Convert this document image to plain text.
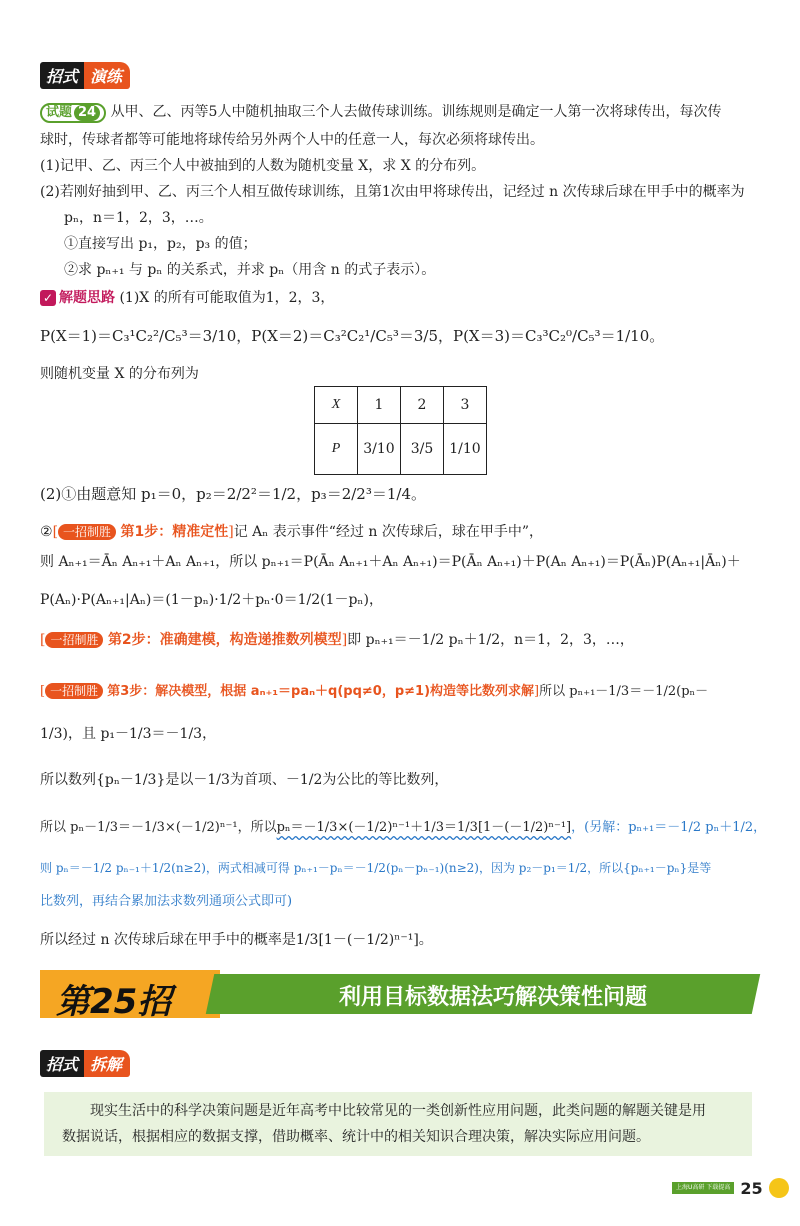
招式 演练
试题 24 从甲、乙、丙等5人中随机抽取三个人去做传球训练。训练规则是确定一人第一次将球传出，每次传
球时，传球者都等可能地将球传给另外两个人中的任意一人，每次必须将球传出。
(1)记甲、乙、丙三个人中被抽到的人数为随机变量 X，求 X 的分布列。
(2)若刚好抽到甲、乙、丙三个人相互做传球训练，且第1次由甲将球传出，记经过 n 次传球后球在甲手中的概率为
pₙ，n＝1，2，3，…。
①直接写出 p₁，p₂，p₃ 的值；
②求 pₙ₊₁ 与 pₙ 的关系式，并求 pₙ（用含 n 的式子表示）。
✓ 解题思路 (1)X 的所有可能取值为1，2，3，
P(X＝1)＝C₃¹C₂²/C₅³＝3/10，P(X＝2)＝C₃²C₂¹/C₅³＝3/5，P(X＝3)＝C₃³C₂⁰/C₅³＝1/10。
则随机变量 X 的分布列为
X	1	2	3
P	3/10	3/5	1/10
(2)①由题意知 p₁＝0，p₂＝2/2²＝1/2，p₃＝2/2³＝1/4。
②[ 一招制胜 第1步：精准定性]记 Aₙ 表示事件“经过 n 次传球后，球在甲手中”，
则 Aₙ₊₁＝Āₙ Aₙ₊₁＋Aₙ Aₙ₊₁，所以 pₙ₊₁＝P(Āₙ Aₙ₊₁＋Aₙ Aₙ₊₁)＝P(Āₙ Aₙ₊₁)＋P(Aₙ Aₙ₊₁)＝P(Āₙ)P(Aₙ₊₁|Āₙ)＋
P(Aₙ)·P(Aₙ₊₁|Aₙ)＝(1－pₙ)·1/2＋pₙ·0＝1/2(1－pₙ)，
[ 一招制胜 第2步：准确建模，构造递推数列模型]即 pₙ₊₁＝－1/2 pₙ＋1/2，n＝1，2，3，…，
[ 一招制胜 第3步：解决模型，根据 aₙ₊₁＝paₙ＋q(pq≠0，p≠1)构造等比数列求解]所以 pₙ₊₁－1/3＝－1/2(pₙ－
1/3)，且 p₁－1/3＝－1/3，
所以数列{pₙ－1/3}是以－1/3为首项、－1/2为公比的等比数列，
所以 pₙ－1/3＝－1/3×(－1/2)ⁿ⁻¹，所以pₙ＝－1/3×(－1/2)ⁿ⁻¹＋1/3＝1/3[1－(－1/2)ⁿ⁻¹]，(另解：pₙ₊₁＝－1/2 pₙ＋1/2，
则 pₙ＝－1/2 pₙ₋₁＋1/2(n≥2)，两式相减可得 pₙ₊₁－pₙ＝－1/2(pₙ－pₙ₋₁)(n≥2)，因为 p₂－p₁＝1/2，所以{pₙ₊₁－pₙ}是等
比数列，再结合累加法求数列通项公式即可)
所以经过 n 次传球后球在甲手中的概率是1/3[1－(－1/2)ⁿ⁻¹]。
第25招	利用目标数据法巧解决策性问题
招式 拆解

现实生活中的科学决策问题是近年高考中比较常见的一类创新性应用问题，此类问题的解题关键是用

数据说话，根据相应的数据支撑，借助概率、统计中的相关知识合理决策，解决实际应用问题。

上海U高研 下载提高 25
